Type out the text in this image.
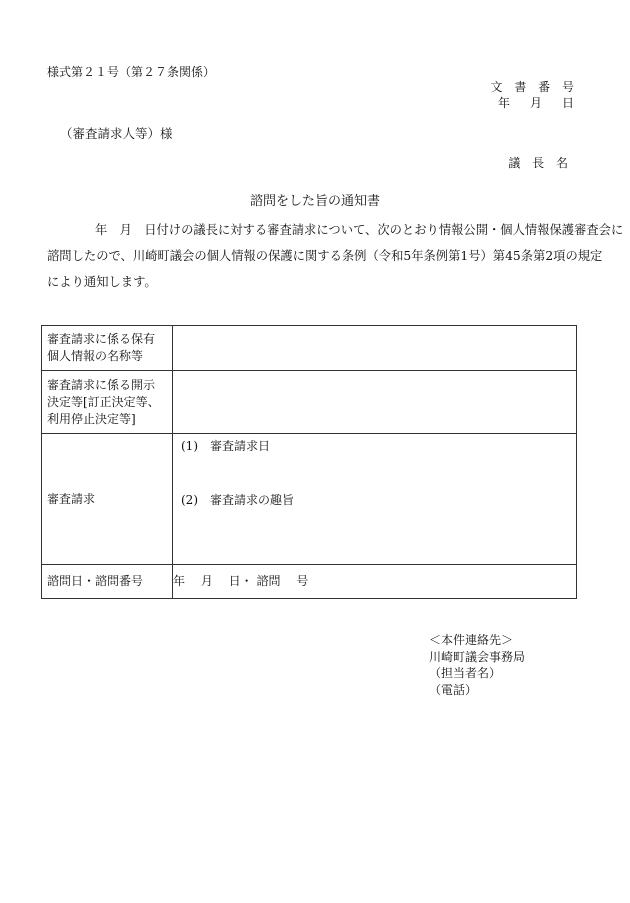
様式第２１号（第２７条関係）
文 書 番 号
年　月　日
（審査請求人等）様
議 長 名
諮問をした旨の通知書
年　月　日付けの議長に対する審査請求について、次のとおり情報公開・個人情報保護審査会に
諮問したので、川崎町議会の個人情報の保護に関する条例（令和5年条例第1号）第45条第2項の規定
により通知します。
審査請求に係る保有
個人情報の名称等	

審査請求に係る開示
決定等[訂正決定等、
利用停止決定等]	

審査請求	(1)　審査請求日
(2)　審査請求の趣旨

諮問日・諮問番号	年　 月　 日・ 諮問　 号
＜本件連絡先＞
川崎町議会事務局
（担当者名）
（電話）
